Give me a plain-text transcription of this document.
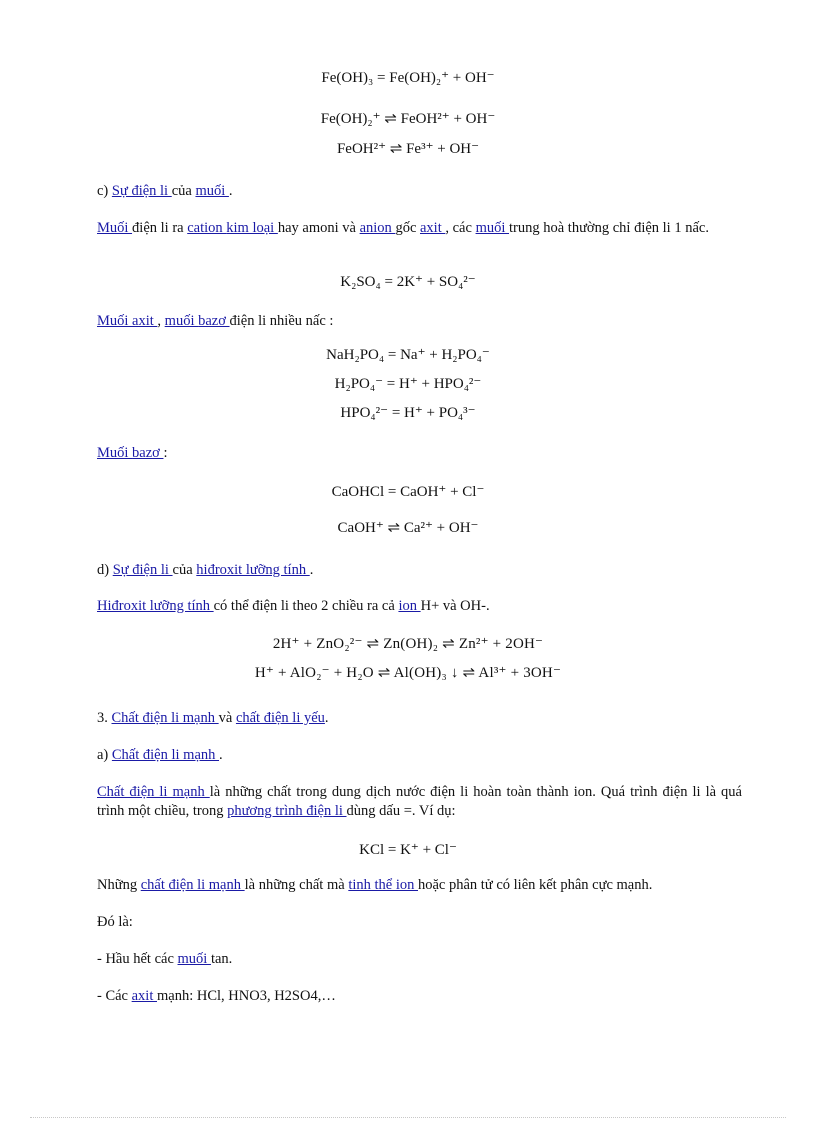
Fe(OH)₃ = Fe(OH)₂⁺ + OH⁻
Fe(OH)₂⁺ ⇌ FeOH²⁺ + OH⁻
FeOH²⁺ ⇌ Fe³⁺ + OH⁻
c) Sự điện li của muối .
Muối điện li ra cation kim loại hay amoni và anion gốc axit , các muối trung hoà thường chỉ điện li 1 nấc.
K₂SO₄ = 2K⁺ + SO₄²⁻
Muối axit , muối bazơ điện li nhiều nấc :
NaH₂PO₄ = Na⁺ + H₂PO₄⁻
H₂PO₄⁻ = H⁺ + HPO₄²⁻
HPO₄²⁻ = H⁺ + PO₄³⁻
Muối bazơ :
CaOHCl = CaOH⁺ + Cl⁻
CaOH⁺ ⇌ Ca²⁺ + OH⁻
d) Sự điện li của hiđroxit lưỡng tính .
Hiđroxit lưỡng tính có thể điện li theo 2 chiều ra cả ion H+ và OH-.
2H⁺ + ZnO₂²⁻ ⇌ Zn(OH)₂ ⇌ Zn²⁺ + 2OH⁻
H⁺ + AlO₂⁻ + H₂O ⇌ Al(OH)₃ ↓ ⇌ Al³⁺ + 3OH⁻
3. Chất điện li mạnh và chất điện li yếu.
a) Chất điện li mạnh .
Chất điện li mạnh là những chất trong dung dịch nước điện li hoàn toàn thành ion. Quá trình điện li là quá trình một chiều, trong phương trình điện li dùng dấu =. Ví dụ:
KCl = K⁺ + Cl⁻
Những chất điện li mạnh là những chất mà tinh thể ion hoặc phân tử có liên kết phân cực mạnh.
Đó là:
- Hầu hết các muối tan.
- Các axit mạnh: HCl, HNO3, H2SO4,…
